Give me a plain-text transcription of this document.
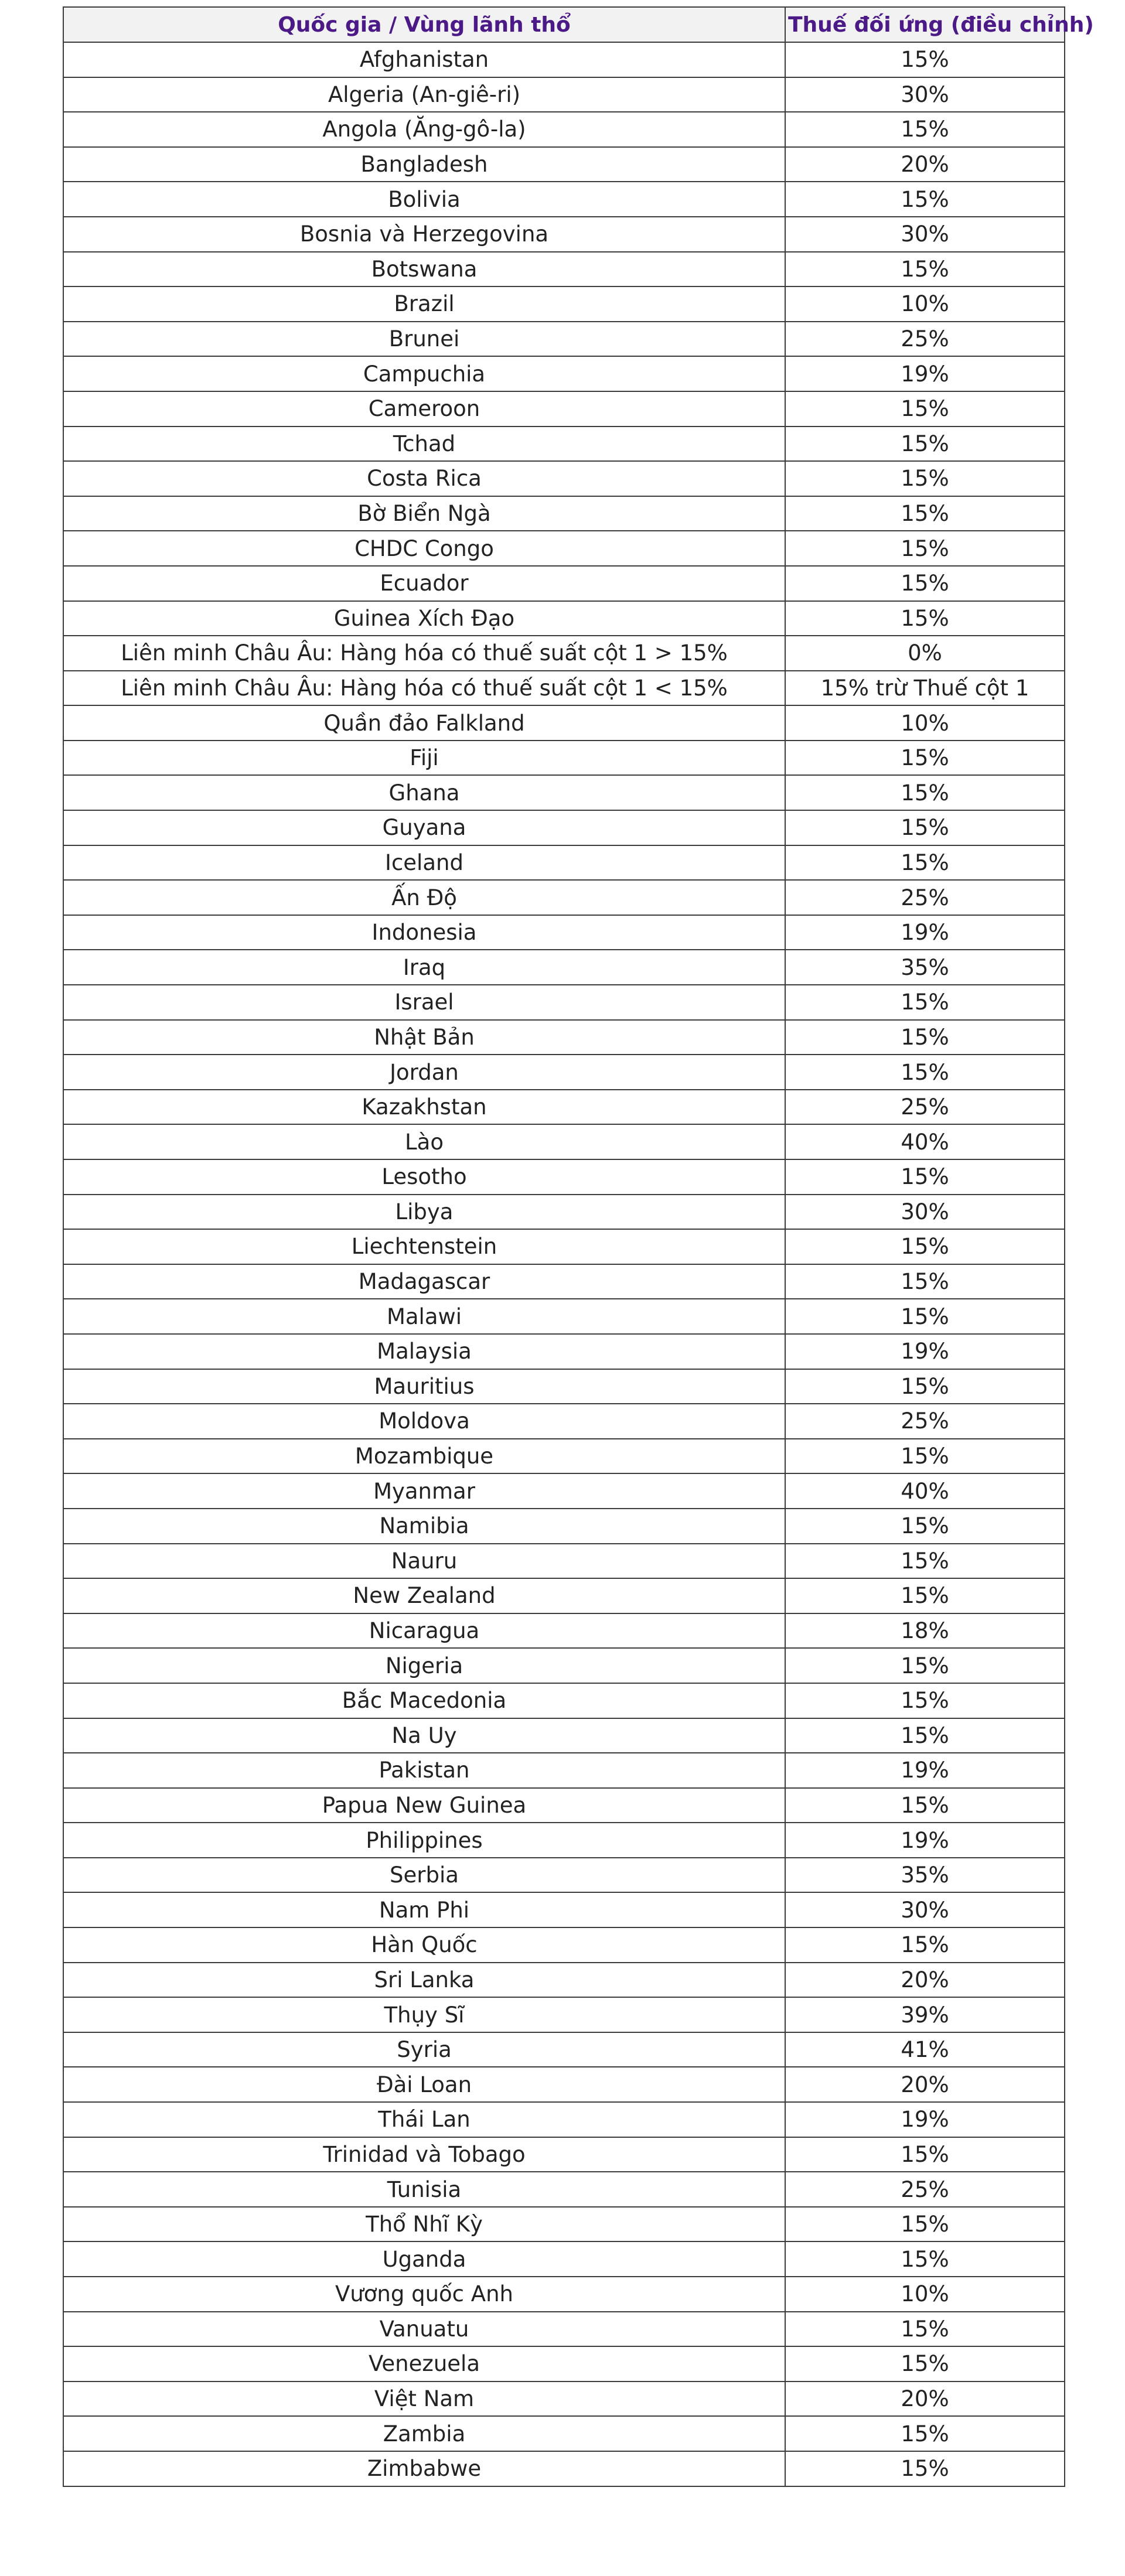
Quốc gia / Vùng lãnh thổ	Thuế đối ứng (điều chỉnh)
Afghanistan	15%
Algeria (An-giê-ri)	30%
Angola (Ăng-gô-la)	15%
Bangladesh	20%
Bolivia	15%
Bosnia và Herzegovina	30%
Botswana	15%
Brazil	10%
Brunei	25%
Campuchia	19%
Cameroon	15%
Tchad	15%
Costa Rica	15%
Bờ Biển Ngà	15%
CHDC Congo	15%
Ecuador	15%
Guinea Xích Đạo	15%
Liên minh Châu Âu: Hàng hóa có thuế suất cột 1 > 15%	0%
Liên minh Châu Âu: Hàng hóa có thuế suất cột 1 < 15%	15% trừ Thuế cột 1
Quần đảo Falkland	10%
Fiji	15%
Ghana	15%
Guyana	15%
Iceland	15%
Ấn Độ	25%
Indonesia	19%
Iraq	35%
Israel	15%
Nhật Bản	15%
Jordan	15%
Kazakhstan	25%
Lào	40%
Lesotho	15%
Libya	30%
Liechtenstein	15%
Madagascar	15%
Malawi	15%
Malaysia	19%
Mauritius	15%
Moldova	25%
Mozambique	15%
Myanmar	40%
Namibia	15%
Nauru	15%
New Zealand	15%
Nicaragua	18%
Nigeria	15%
Bắc Macedonia	15%
Na Uy	15%
Pakistan	19%
Papua New Guinea	15%
Philippines	19%
Serbia	35%
Nam Phi	30%
Hàn Quốc	15%
Sri Lanka	20%
Thụy Sĩ	39%
Syria	41%
Đài Loan	20%
Thái Lan	19%
Trinidad và Tobago	15%
Tunisia	25%
Thổ Nhĩ Kỳ	15%
Uganda	15%
Vương quốc Anh	10%
Vanuatu	15%
Venezuela	15%
Việt Nam	20%
Zambia	15%
Zimbabwe	15%
